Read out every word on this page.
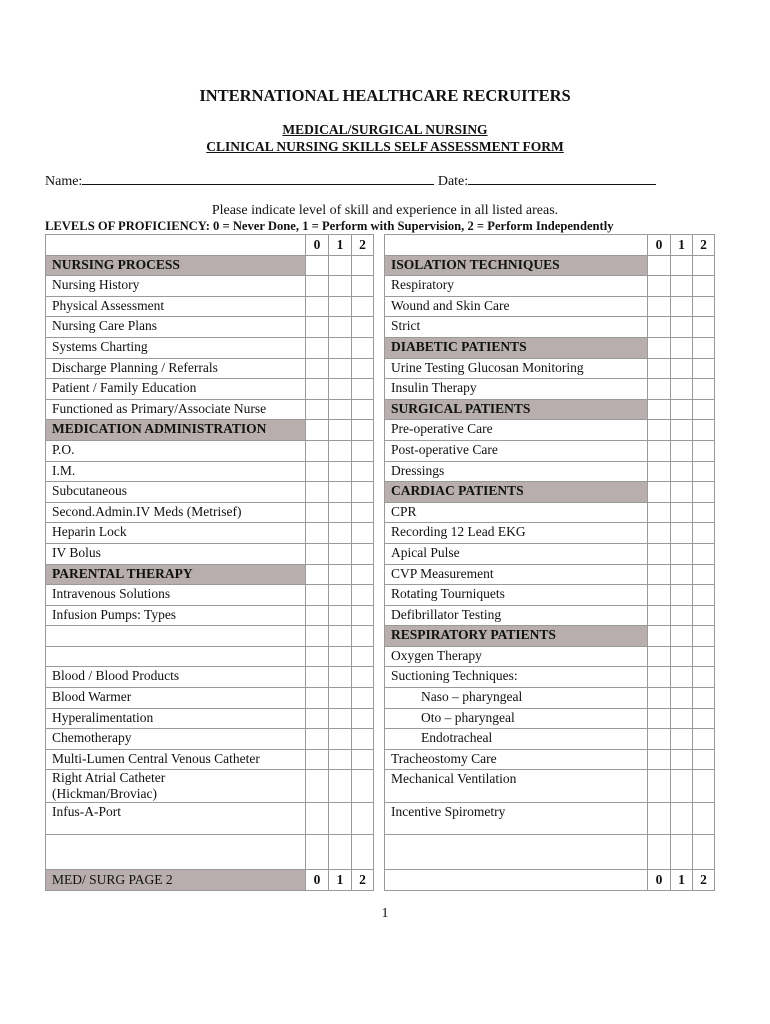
INTERNATIONAL HEALTHCARE RECRUITERS
MEDICAL/SURGICAL NURSING
CLINICAL NURSING SKILLS SELF ASSESSMENT FORM
Name:	Date:
Please indicate level of skill and experience in all listed areas.
LEVELS OF PROFICIENCY: 0 = Never Done, 1 = Perform with Supervision, 2 = Perform Independently
	0	1	2			0	1	2
NURSING PROCESS					ISOLATION TECHNIQUES			
Nursing History					Respiratory			
Physical Assessment					Wound and Skin Care			
Nursing Care Plans					Strict			
Systems Charting					DIABETIC PATIENTS			
Discharge Planning / Referrals					Urine Testing Glucosan Monitoring			
Patient / Family Education					Insulin Therapy			
Functioned as Primary/Associate Nurse					SURGICAL PATIENTS			
MEDICATION ADMINISTRATION					Pre-operative Care			
P.O.					Post-operative Care			
I.M.					Dressings			
Subcutaneous					CARDIAC PATIENTS			
Second.Admin.IV Meds (Metrisef)					CPR			
Heparin Lock					Recording 12 Lead EKG			
IV Bolus					Apical Pulse			
PARENTAL THERAPY					CVP Measurement			
Intravenous Solutions					Rotating Tourniquets			
Infusion Pumps: Types					Defibrillator Testing			
					RESPIRATORY PATIENTS			
					Oxygen Therapy			
Blood / Blood Products					Suctioning Techniques:			
Blood Warmer					Naso – pharyngeal			
Hyperalimentation					Oto – pharyngeal			
Chemotherapy					Endotracheal			
Multi-Lumen Central Venous Catheter					Tracheostomy Care			

Right Atrial Catheter
(Hickman/Broviac)					Mechanical Ventilation			
Infus-A-Port					Incentive Spirometry			

MED/ SURG PAGE 2	0	1	2			0	1	2
1
